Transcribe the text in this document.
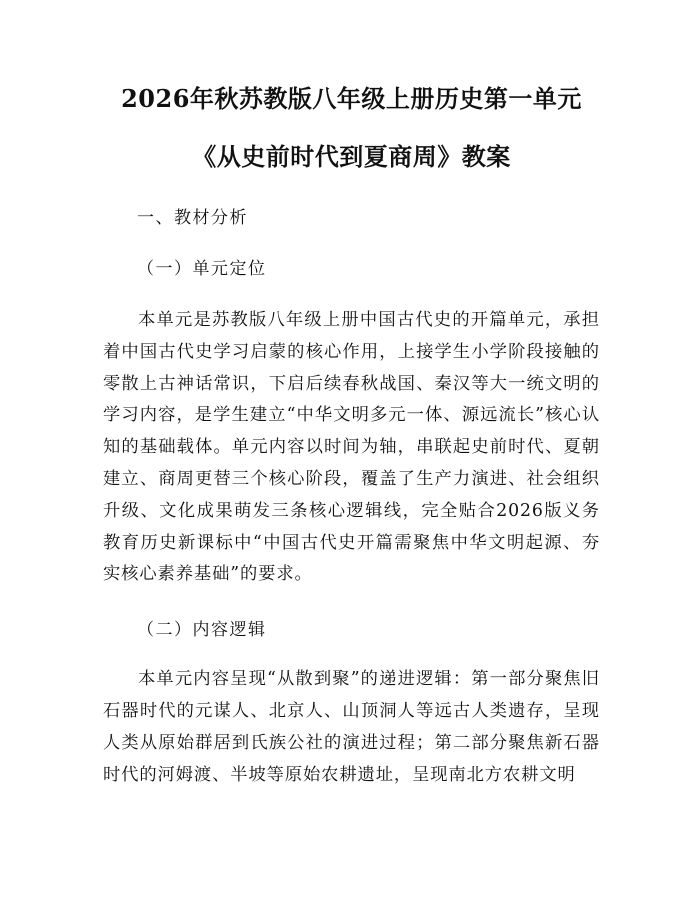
2026年秋苏教版八年级上册历史第一单元
《从史前时代到夏商周》教案

一、教材分析

（一）单元定位

本单元是苏教版八年级上册中国古代史的开篇单元，承担着中国古代史学习启蒙的核心作用，上接学生小学阶段接触的零散上古神话常识，下启后续春秋战国、秦汉等大一统文明的学习内容，是学生建立“中华文明多元一体、源远流长”核心认知的基础载体。单元内容以时间为轴，串联起史前时代、夏朝建立、商周更替三个核心阶段，覆盖了生产力演进、社会组织升级、文化成果萌发三条核心逻辑线，完全贴合2026版义务教育历史新课标中“中国古代史开篇需聚焦中华文明起源、夯实核心素养基础”的要求。

（二）内容逻辑

本单元内容呈现“从散到聚”的递进逻辑：第一部分聚焦旧石器时代的元谋人、北京人、山顶洞人等远古人类遗存，呈现人类从原始群居到氏族公社的演进过程；第二部分聚焦新石器时代的河姆渡、半坡等原始农耕遗址，呈现南北方农耕文明
